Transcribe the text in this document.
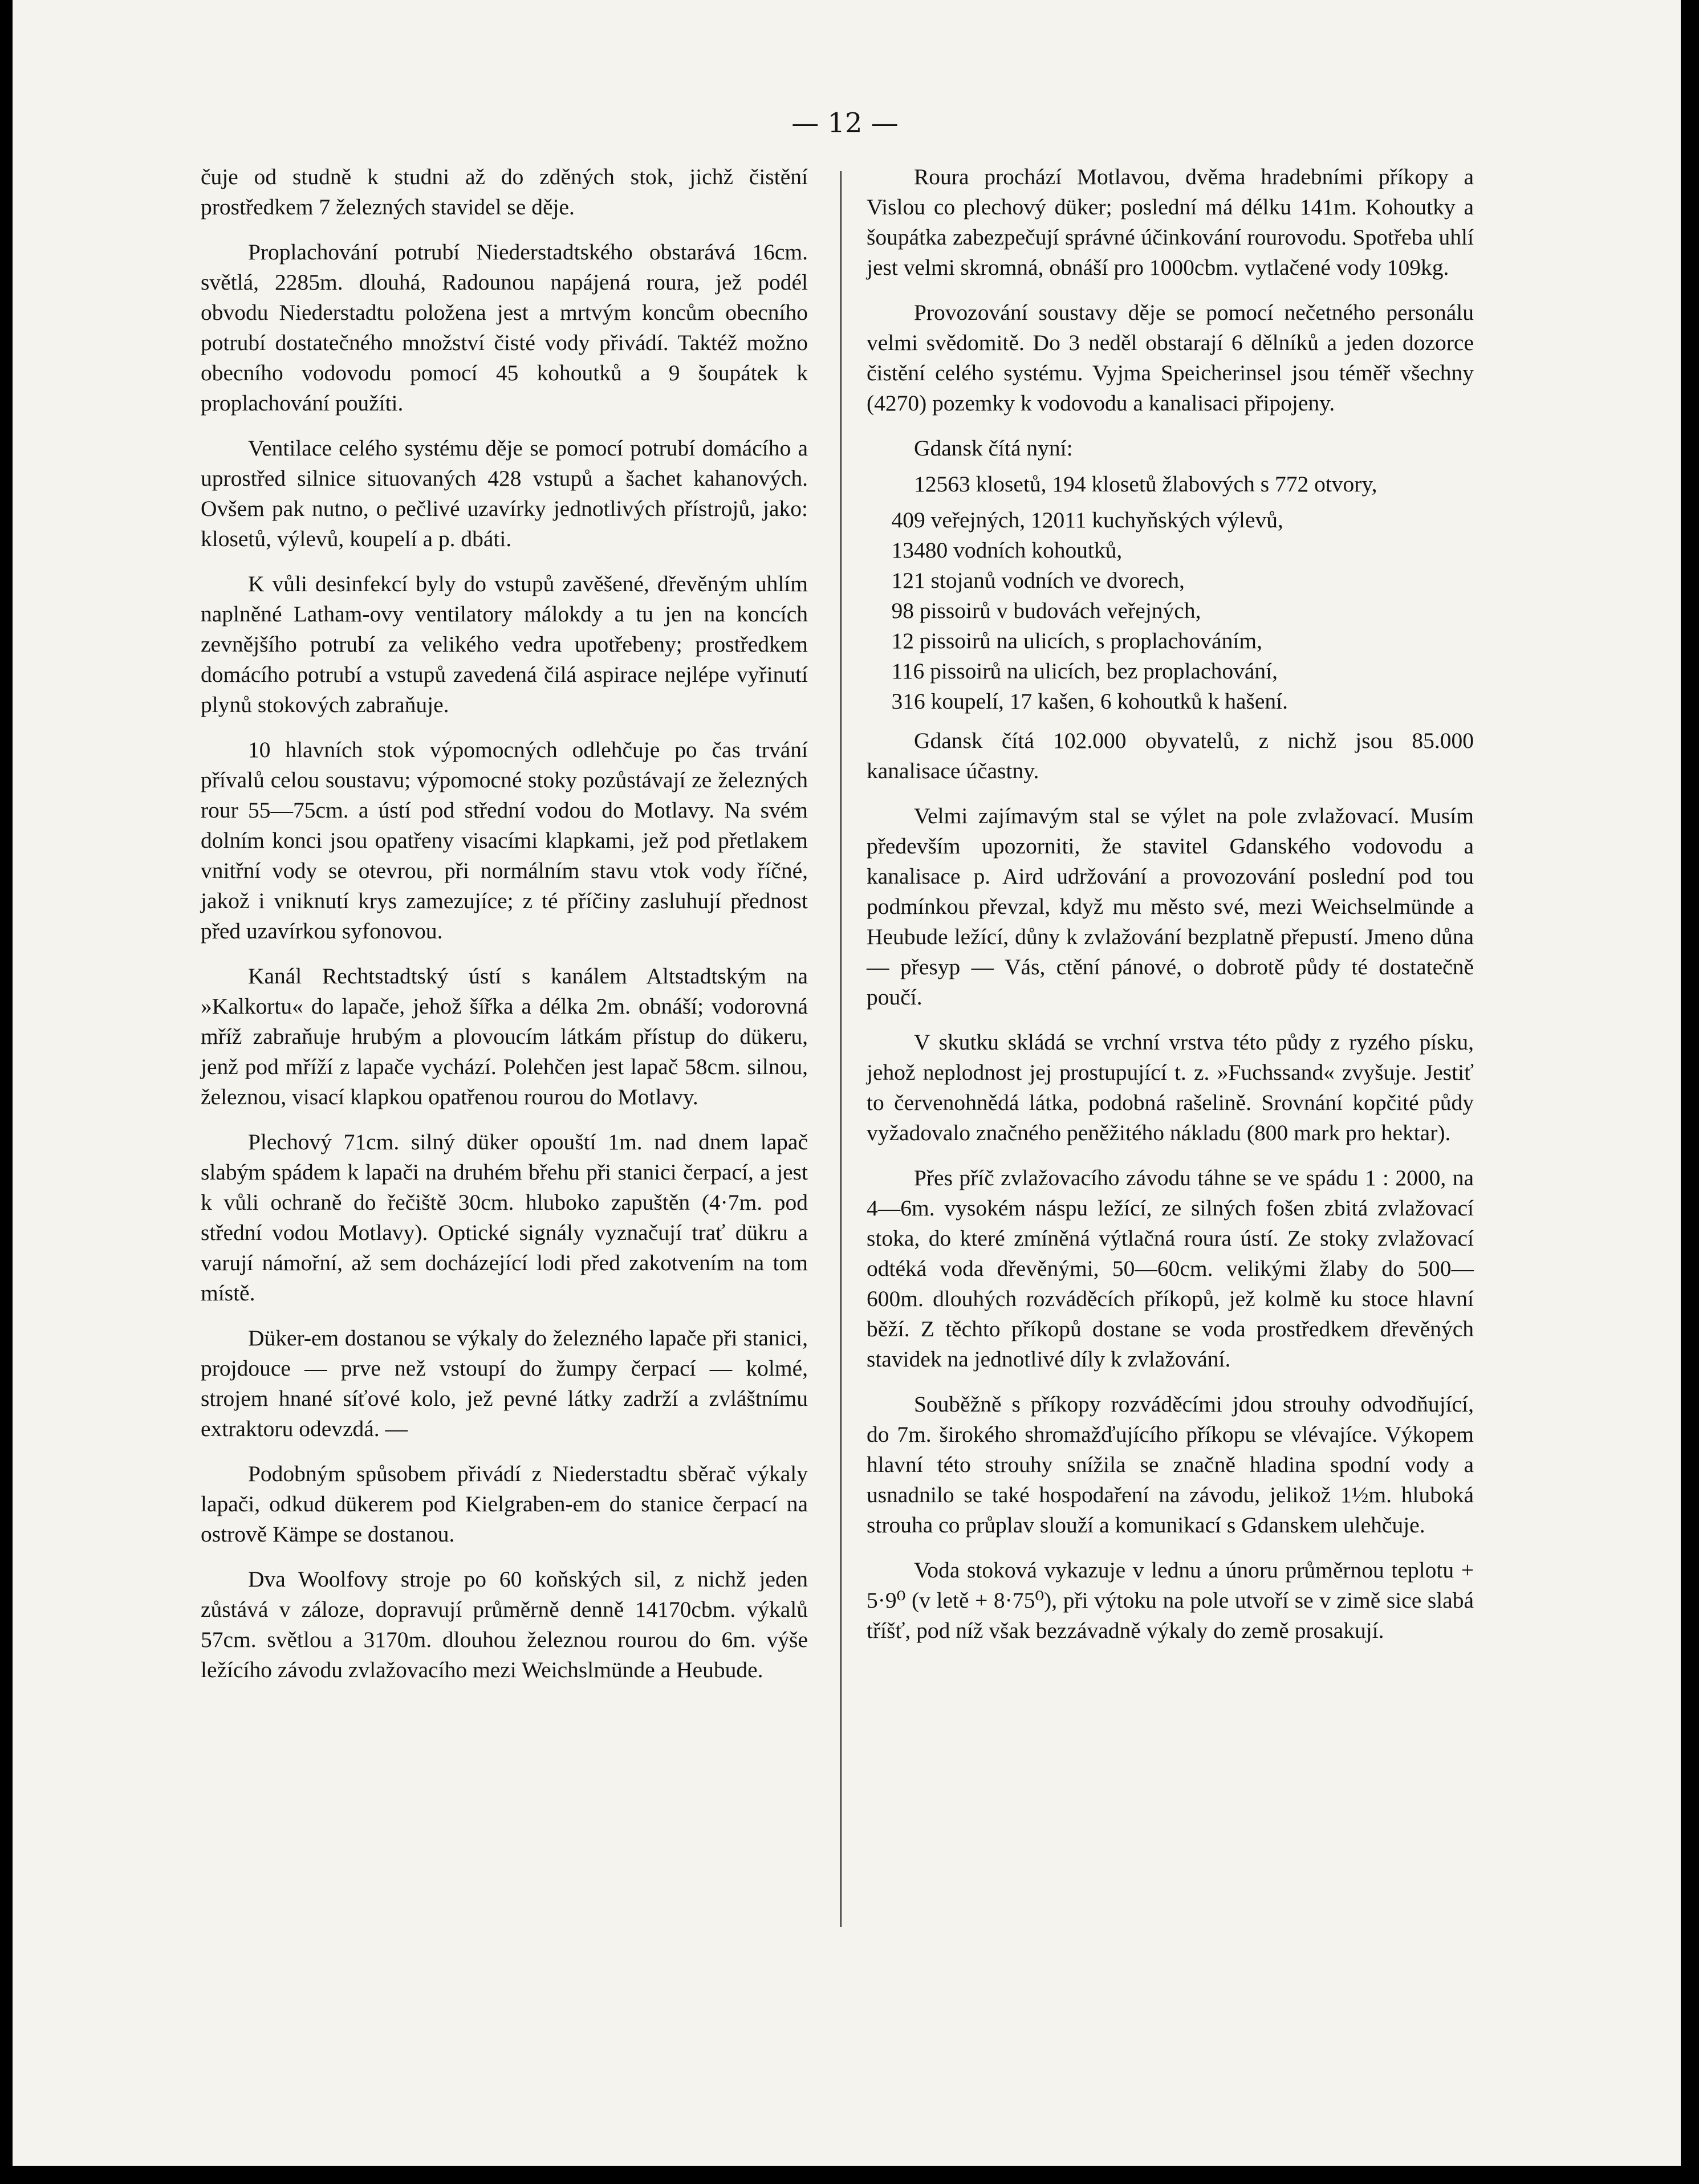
— 12 —

čuje od studně k studni až do zděných stok, jichž čistění prostředkem 7 železných stavidel se děje.

Proplachování potrubí Niederstadtského obstarává 16cm. světlá, 2285m. dlouhá, Radounou napájená roura, jež podél obvodu Niederstadtu položena jest a mrtvým koncům obecního potrubí dostatečného množství čisté vody přivádí. Taktéž možno obecního vodovodu pomocí 45 kohoutků a 9 šoupátek k proplachování použíti.

Ventilace celého systému děje se pomocí potrubí domácího a uprostřed silnice situovaných 428 vstupů a šachet kahanových. Ovšem pak nutno, o pečlivé uzavírky jednotlivých přístrojů, jako: klosetů, výlevů, koupelí a p. dbáti.

K vůli desinfekcí byly do vstupů zavěšené, dřevěným uhlím naplněné Latham-ovy ventilatory málokdy a tu jen na koncích zevnějšího potrubí za velikého vedra upotřebeny; prostředkem domácího potrubí a vstupů zavedená čilá aspirace nejlépe vyřinutí plynů stokových zabraňuje.

10 hlavních stok výpomocných odlehčuje po čas trvání přívalů celou soustavu; výpomocné stoky pozůstávají ze železných rour 55—75cm. a ústí pod střední vodou do Motlavy. Na svém dolním konci jsou opatřeny visacími klapkami, jež pod přetlakem vnitřní vody se otevrou, při normálním stavu vtok vody říčné, jakož i vniknutí krys zamezujíce; z té příčiny zasluhují přednost před uzavírkou syfonovou.

Kanál Rechtstadtský ústí s kanálem Altstadtským na »Kalkortu« do lapače, jehož šířka a délka 2m. obnáší; vodorovná mříž zabraňuje hrubým a plovoucím látkám přístup do dükeru, jenž pod mříží z lapače vychází. Polehčen jest lapač 58cm. silnou, železnou, visací klapkou opatřenou rourou do Motlavy.

Plechový 71cm. silný düker opouští 1m. nad dnem lapač slabým spádem k lapači na druhém břehu při stanici čerpací, a jest k vůli ochraně do řečiště 30cm. hluboko zapuštěn (4·7m. pod střední vodou Motlavy). Optické signály vyznačují trať dükru a varují námořní, až sem docházející lodi před zakotvením na tom místě.

Düker-em dostanou se výkaly do železného lapače při stanici, projdouce — prve než vstoupí do žumpy čerpací — kolmé, strojem hnané síťové kolo, jež pevné látky zadrží a zvláštnímu extraktoru odevzdá. —

Podobným spůsobem přivádí z Niederstadtu sběrač výkaly lapači, odkud dükerem pod Kielgraben-em do stanice čerpací na ostrově Kämpe se dostanou.

Dva Woolfovy stroje po 60 koňských sil, z nichž jeden zůstává v záloze, dopravují průměrně denně 14170cbm. výkalů 57cm. světlou a 3170m. dlouhou železnou rourou do 6m. výše ležícího závodu zvlažovacího mezi Weichslmünde a Heubude.

Roura prochází Motlavou, dvěma hradebními příkopy a Vislou co plechový düker; poslední má délku 141m. Kohoutky a šoupátka zabezpečují správné účinkování rourovodu. Spotřeba uhlí jest velmi skromná, obnáší pro 1000cbm. vytlačené vody 109kg.

Provozování soustavy děje se pomocí nečetného personálu velmi svědomitě. Do 3 neděl obstarají 6 dělníků a jeden dozorce čistění celého systému. Vyjma Speicherinsel jsou téměř všechny (4270) pozemky k vodovodu a kanalisaci připojeny.

Gdansk čítá nyní:

12563 klosetů, 194 klosetů žlabových s 772 otvory,

409 veřejných, 12011 kuchyňských výlevů,

13480 vodních kohoutků,

121 stojanů vodních ve dvorech,

98 pissoirů v budovách veřejných,

12 pissoirů na ulicích, s proplachováním,

116 pissoirů na ulicích, bez proplachování,

316 koupelí, 17 kašen, 6 kohoutků k hašení.

Gdansk čítá 102.000 obyvatelů, z nichž jsou 85.000 kanalisace účastny.

Velmi zajímavým stal se výlet na pole zvlažovací. Musím především upozorniti, že stavitel Gdanského vodovodu a kanalisace p. Aird udržování a provozování poslední pod tou podmínkou převzal, když mu město své, mezi Weichselmünde a Heubude ležící, důny k zvlažování bezplatně přepustí. Jmeno důna — přesyp — Vás, ctění pánové, o dobrotě půdy té dostatečně poučí.

V skutku skládá se vrchní vrstva této půdy z ryzého písku, jehož neplodnost jej prostupující t. z. »Fuchssand« zvyšuje. Jestiť to červenohnědá látka, podobná rašelině. Srovnání kopčité půdy vyžadovalo značného peněžitého nákladu (800 mark pro hektar).

Přes příč zvlažovacího závodu táhne se ve spádu 1 : 2000, na 4—6m. vysokém náspu ležící, ze silných fošen zbitá zvlažovací stoka, do které zmíněná výtlačná roura ústí. Ze stoky zvlažovací odtéká voda dřevěnými, 50—60cm. velikými žlaby do 500—600m. dlouhých rozváděcích příkopů, jež kolmě ku stoce hlavní běží. Z těchto příkopů dostane se voda prostředkem dřevěných stavidek na jednotlivé díly k zvlažování.

Souběžně s příkopy rozváděcími jdou strouhy odvodňující, do 7m. širokého shromažďujícího příkopu se vlévajíce. Výkopem hlavní této strouhy snížila se značně hladina spodní vody a usnadnilo se také hospodaření na závodu, jelikož 1½m. hluboká strouha co průplav slouží a komunikací s Gdanskem ulehčuje.

Voda stoková vykazuje v lednu a únoru průměrnou teplotu + 5·9⁰ (v letě + 8·75⁰), při výtoku na pole utvoří se v zimě sice slabá tříšť, pod níž však bezzávadně výkaly do země prosakují.
